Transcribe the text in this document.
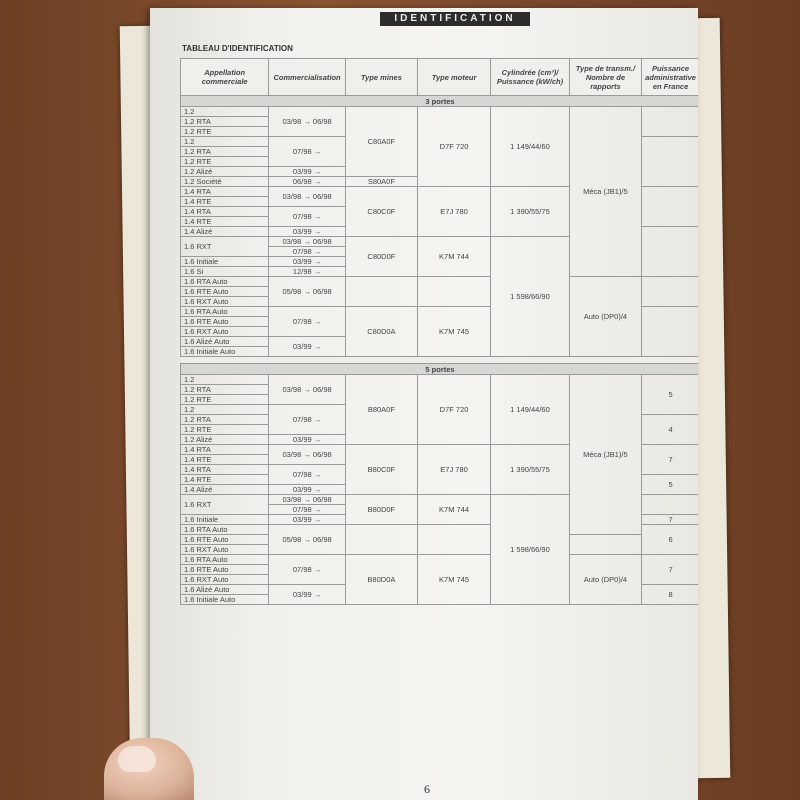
IDENTIFICATION
TABLEAU D'IDENTIFICATION
Appellation commerciale	Commercialisation	Type mines	Type moteur	Cylindrée (cm³)/ Puissance (kW/ch)	Type de transm./ Nombre de rapports	Puissance administrative en France
3 portes						
1.2	03/98 → 06/98	C80A0F	D7F 720	1 149/44/60	Méca (JB1)/5	
1.2 RTA						
1.2 RTE						
1.2	07/98 →					
1.2 RTA						
1.2 RTE						
1.2 Alizé	03/99 →					
1.2 Société	06/98 →	S80A0F				
1.4 RTA	03/98 → 06/98	C80C0F	E7J 780	1 390/55/75		
1.4 RTE						
1.4 RTA	07/98 →					
1.4 RTE						
1.4 Alizé	03/99 →					
1.6 RXT	03/98 → 06/98	C80D0F	K7M 744	1 598/66/90		
	07/98 →					
1.6 Initiale	03/99 →					
1.6 Si	12/98 →					
1.6 RTA Auto	05/98 → 06/98				Auto (DP0)/4	
1.6 RTE Auto						
1.6 RXT Auto						
1.6 RTA Auto	07/98 →	C80D0A	K7M 745			
1.6 RTE Auto						
1.6 RXT Auto						
1.6 Alizé Auto	03/99 →					
1.6 Initiale Auto						

5 portes						
1.2	03/98 → 06/98	B80A0F	D7F 720	1 149/44/60	Méca (JB1)/5	5
1.2 RTA						
1.2 RTE						
1.2	07/98 →					
1.2 RTA						4
1.2 RTE						
1.2 Alizé	03/99 →					
1.4 RTA	03/98 → 06/98	B80C0F	E7J 780	1 390/55/75		7
1.4 RTE						
1.4 RTA	07/98 →					
1.4 RTE						5
1.4 Alizé	03/99 →					
1.6 RXT	03/98 → 06/98	B80D0F	K7M 744	1 598/66/90		
	07/98 →					
1.6 Initiale	03/99 →					7
1.6 RTA Auto	05/98 → 06/98					6
1.6 RTE Auto						
1.6 RXT Auto						
1.6 RTA Auto	07/98 →	B80D0A	K7M 745		Auto (DP0)/4	7
1.6 RTE Auto						
1.6 RXT Auto						
1.6 Alizé Auto	03/99 →					8
1.6 Initiale Auto						
6
